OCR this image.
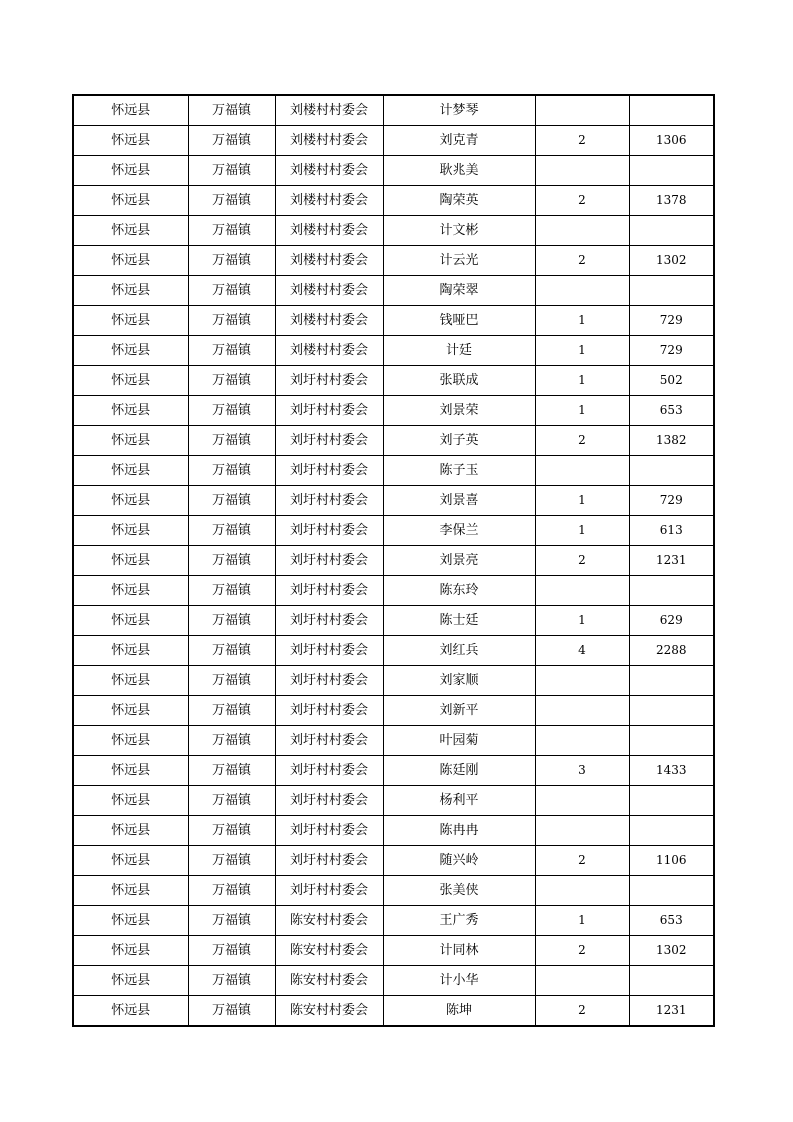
怀远县	万福镇	刘楼村村委会	计梦琴		
怀远县	万福镇	刘楼村村委会	刘克青	2	1306
怀远县	万福镇	刘楼村村委会	耿兆美		
怀远县	万福镇	刘楼村村委会	陶荣英	2	1378
怀远县	万福镇	刘楼村村委会	计文彬		
怀远县	万福镇	刘楼村村委会	计云光	2	1302
怀远县	万福镇	刘楼村村委会	陶荣翠		
怀远县	万福镇	刘楼村村委会	钱哑巴	1	729
怀远县	万福镇	刘楼村村委会	计廷	1	729
怀远县	万福镇	刘圩村村委会	张联成	1	502
怀远县	万福镇	刘圩村村委会	刘景荣	1	653
怀远县	万福镇	刘圩村村委会	刘子英	2	1382
怀远县	万福镇	刘圩村村委会	陈子玉		
怀远县	万福镇	刘圩村村委会	刘景喜	1	729
怀远县	万福镇	刘圩村村委会	李保兰	1	613
怀远县	万福镇	刘圩村村委会	刘景亮	2	1231
怀远县	万福镇	刘圩村村委会	陈东玲		
怀远县	万福镇	刘圩村村委会	陈士廷	1	629
怀远县	万福镇	刘圩村村委会	刘红兵	4	2288
怀远县	万福镇	刘圩村村委会	刘家顺		
怀远县	万福镇	刘圩村村委会	刘新平		
怀远县	万福镇	刘圩村村委会	叶园菊		
怀远县	万福镇	刘圩村村委会	陈廷刚	3	1433
怀远县	万福镇	刘圩村村委会	杨利平		
怀远县	万福镇	刘圩村村委会	陈冉冉		
怀远县	万福镇	刘圩村村委会	随兴岭	2	1106
怀远县	万福镇	刘圩村村委会	张美侠		
怀远县	万福镇	陈安村村委会	王广秀	1	653
怀远县	万福镇	陈安村村委会	计同林	2	1302
怀远县	万福镇	陈安村村委会	计小华		
怀远县	万福镇	陈安村村委会	陈坤	2	1231
